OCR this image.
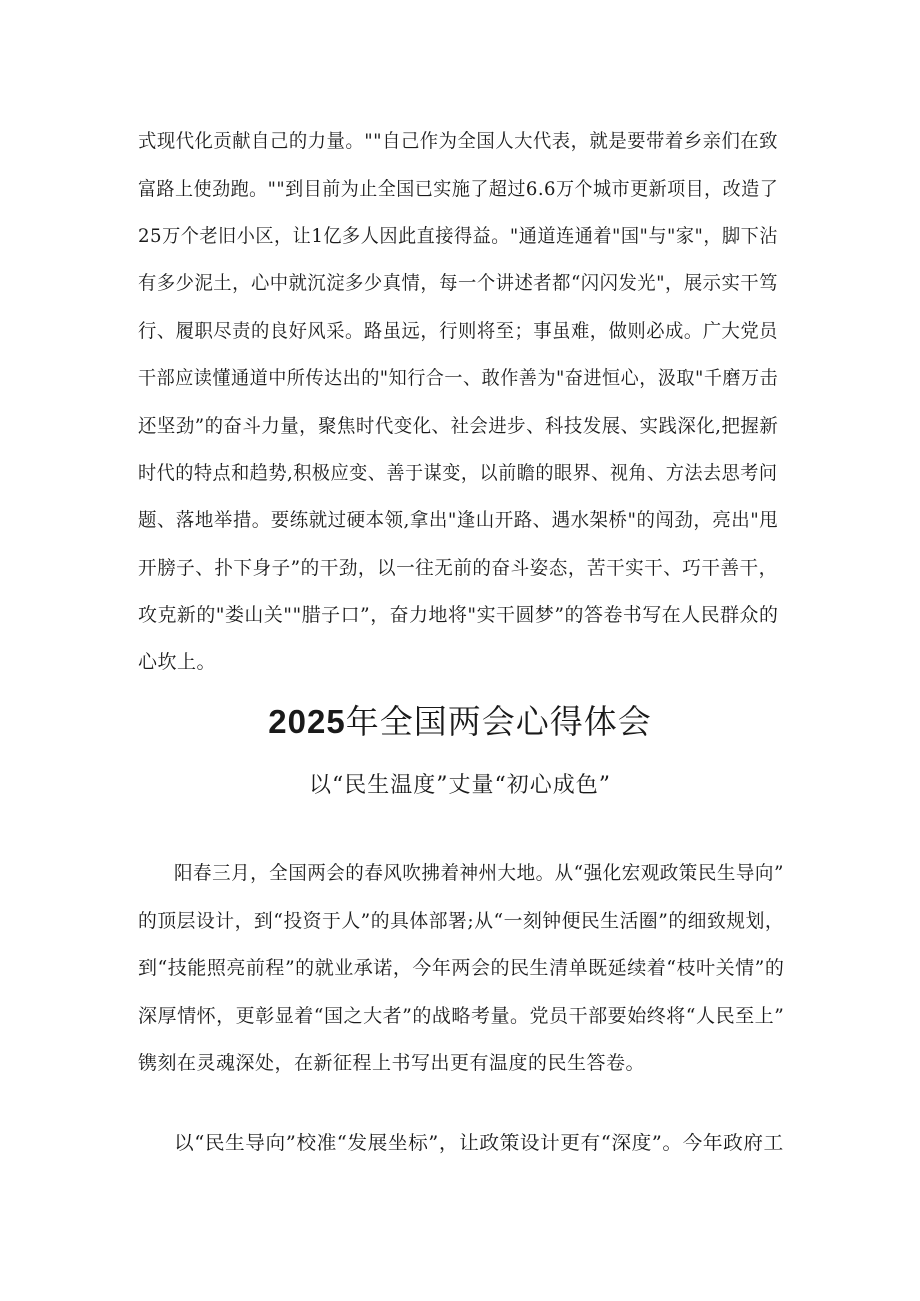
式现代化贡献自己的力量。""自己作为全国人大代表，就是要带着乡亲们在致
富路上使劲跑。""到目前为止全国已实施了超过6.6万个城市更新项目，改造了
25万个老旧小区，让1亿多人因此直接得益。"通道连通着"国"与"家"，脚下沾
有多少泥土，心中就沉淀多少真情，每一个讲述者都“闪闪发光"，展示实干笃
行、履职尽责的良好风采。路虽远，行则将至；事虽难，做则必成。广大党员
干部应读懂通道中所传达出的"知行合一、敢作善为"奋进恒心，汲取"千磨万击
还坚劲”的奋斗力量，聚焦时代变化、社会进步、科技发展、实践深化,把握新
时代的特点和趋势,积极应变、善于谋变，以前瞻的眼界、视角、方法去思考问
题、落地举措。要练就过硬本领,拿出"逢山开路、遇水架桥"的闯劲，亮出"甩
开膀子、扑下身子”的干劲，以一往无前的奋斗姿态，苦干实干、巧干善干，
攻克新的"娄山关""腊子口”，奋力地将"实干圆梦”的答卷书写在人民群众的
心坎上。
2025年全国两会心得体会
以“民生温度”丈量“初心成色”
阳春三月，全国两会的春风吹拂着神州大地。从“强化宏观政策民生导向”
的顶层设计，到“投资于人”的具体部署;从“一刻钟便民生活圈”的细致规划，
到“技能照亮前程”的就业承诺，今年两会的民生清单既延续着“枝叶关情”的
深厚情怀，更彰显着“国之大者”的战略考量。党员干部要始终将“人民至上”
镌刻在灵魂深处，在新征程上书写出更有温度的民生答卷。
以“民生导向”校准“发展坐标”，让政策设计更有“深度”。今年政府工
